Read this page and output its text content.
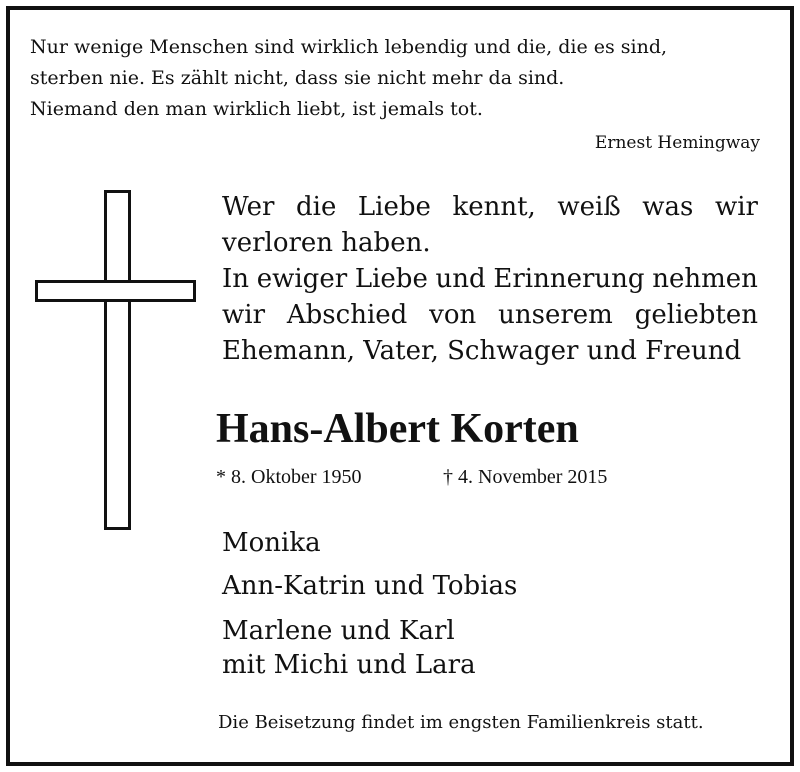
Nur wenige Menschen sind wirklich lebendig und die, die es sind,
sterben nie. Es zählt nicht, dass sie nicht mehr da sind.
Niemand den man wirklich liebt, ist jemals tot.
Ernest Hemingway
Wer die Liebe kennt, weiß was wir
verloren haben.
In ewiger Liebe und Erinnerung nehmen
wir Abschied von unserem geliebten
Ehemann, Vater, Schwager und Freund
Hans-Albert Korten
* 8. Oktober 1950	† 4. November 2015
Monika
Ann-Katrin und Tobias
Marlene und Karl
mit Michi und Lara
Die Beisetzung findet im engsten Familienkreis statt.
